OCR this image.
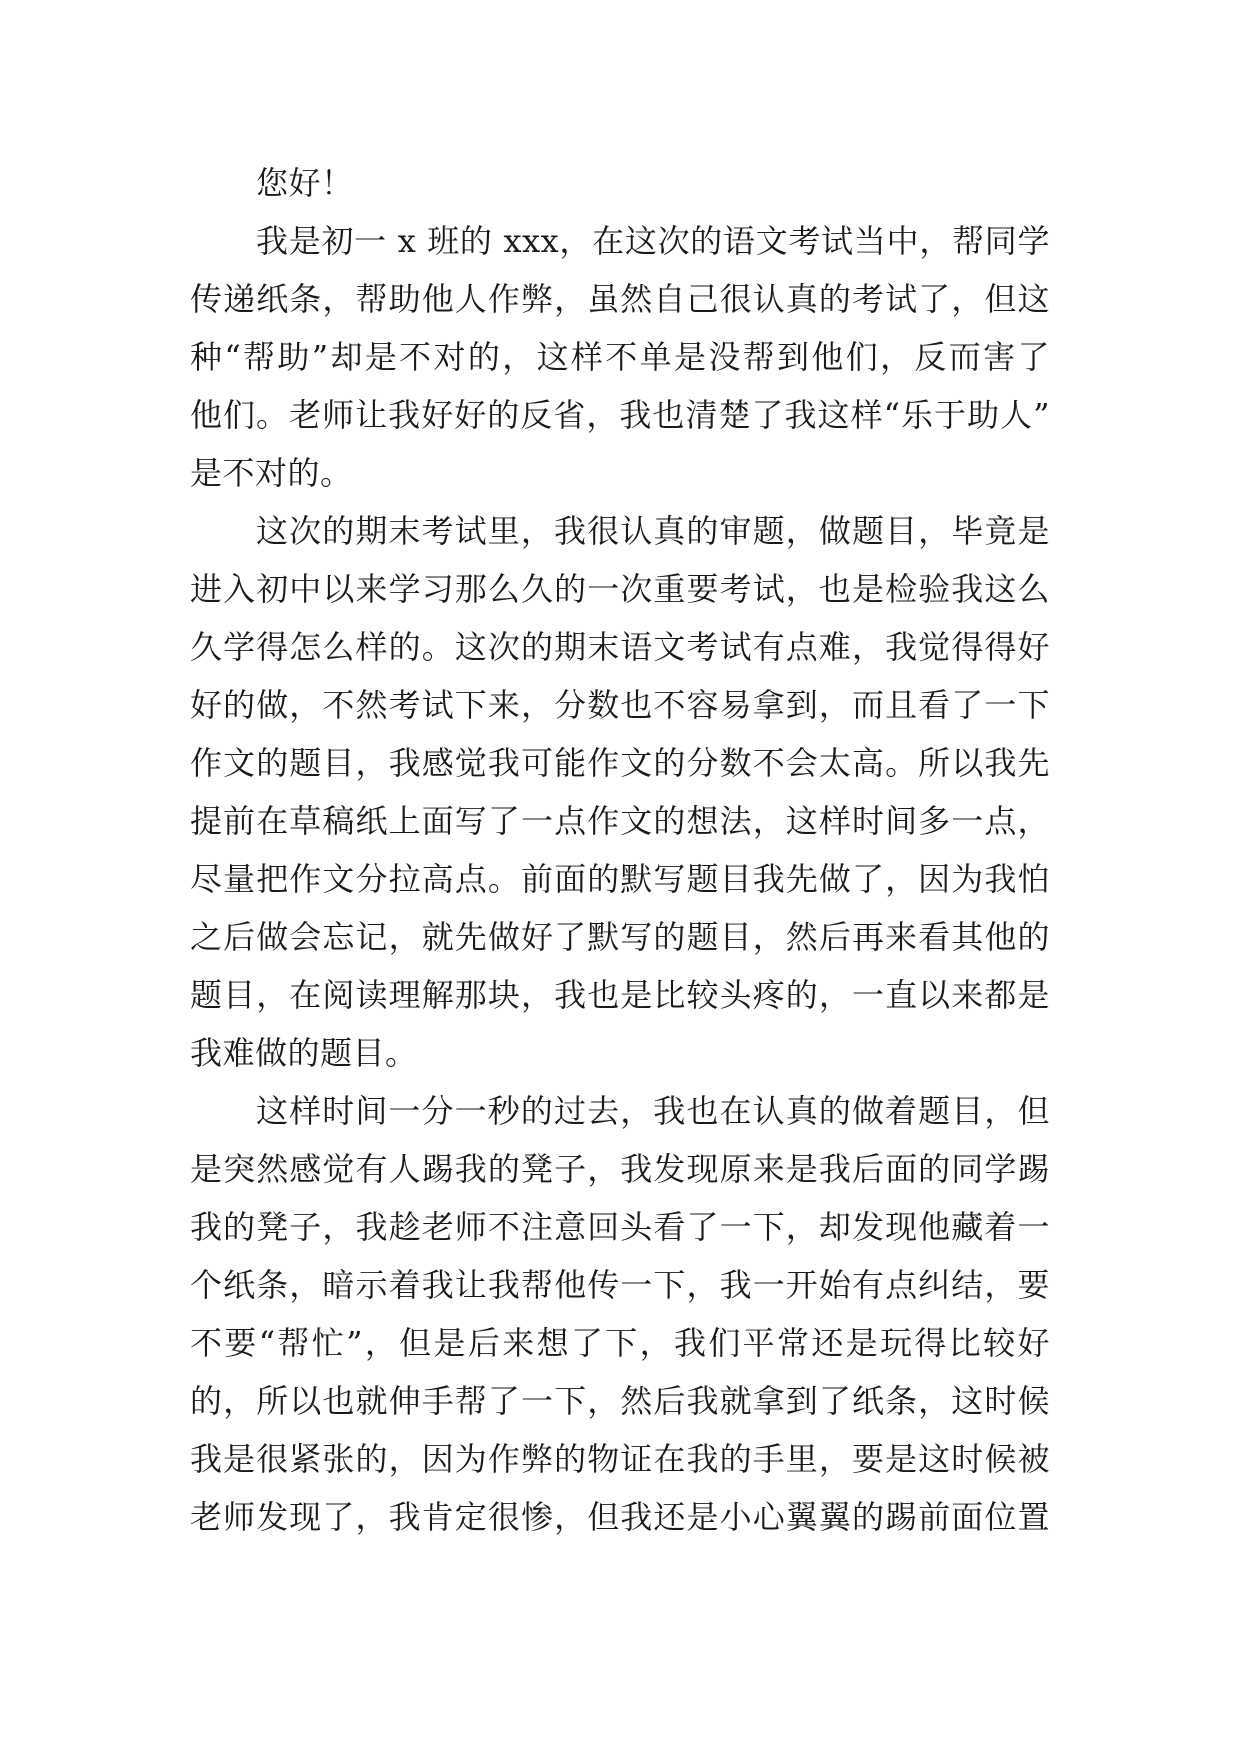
您好！
我是初一 x 班的 xxx，在这次的语文考试当中，帮同学
传递纸条，帮助他人作弊，虽然自己很认真的考试了，但这
种“帮助”却是不对的，这样不单是没帮到他们，反而害了
他们。老师让我好好的反省，我也清楚了我这样“乐于助人”
是不对的。
这次的期末考试里，我很认真的审题，做题目，毕竟是
进入初中以来学习那么久的一次重要考试，也是检验我这么
久学得怎么样的。这次的期末语文考试有点难，我觉得得好
好的做，不然考试下来，分数也不容易拿到，而且看了一下
作文的题目，我感觉我可能作文的分数不会太高。所以我先
提前在草稿纸上面写了一点作文的想法，这样时间多一点，
尽量把作文分拉高点。前面的默写题目我先做了，因为我怕
之后做会忘记，就先做好了默写的题目，然后再来看其他的
题目，在阅读理解那块，我也是比较头疼的，一直以来都是
我难做的题目。
这样时间一分一秒的过去，我也在认真的做着题目，但
是突然感觉有人踢我的凳子，我发现原来是我后面的同学踢
我的凳子，我趁老师不注意回头看了一下，却发现他藏着一
个纸条，暗示着我让我帮他传一下，我一开始有点纠结，要
不要“帮忙”，但是后来想了下，我们平常还是玩得比较好
的，所以也就伸手帮了一下，然后我就拿到了纸条，这时候
我是很紧张的，因为作弊的物证在我的手里，要是这时候被
老师发现了，我肯定很惨，但我还是小心翼翼的踢前面位置
